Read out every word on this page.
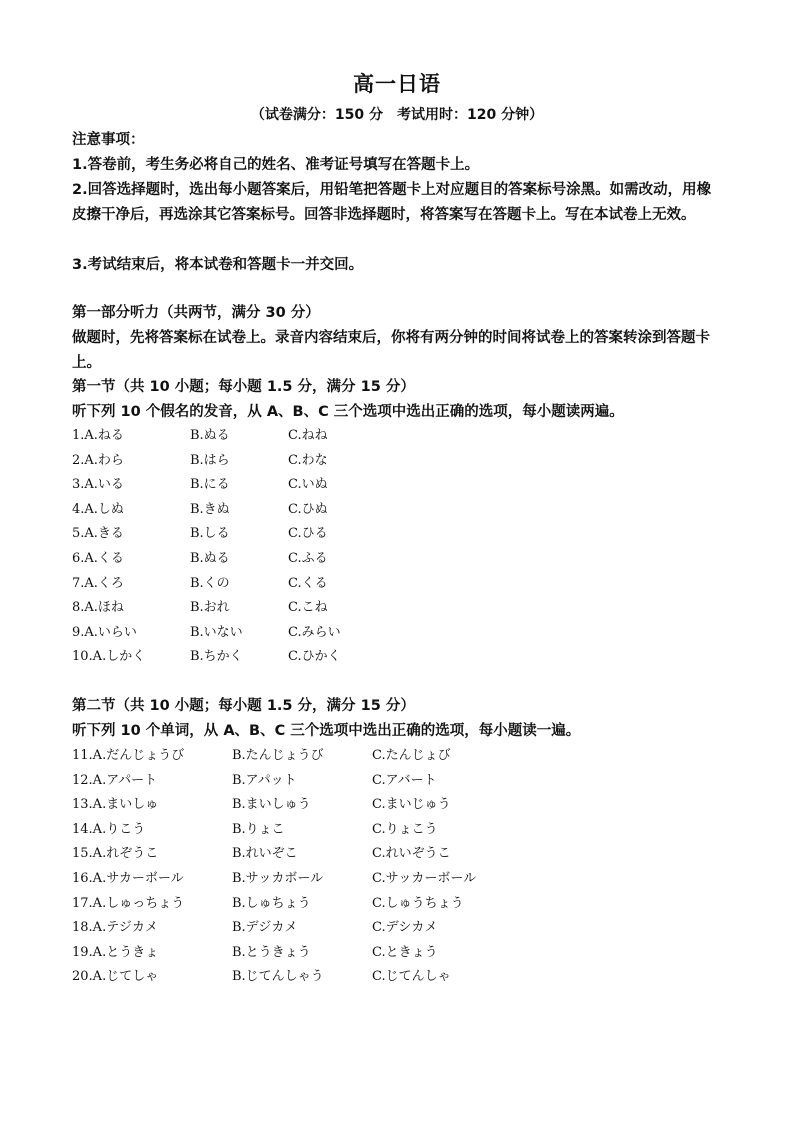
高一日语
（试卷满分：150 分　考试用时：120 分钟）
注意事项：
1.答卷前，考生务必将自己的姓名、准考证号填写在答题卡上。
2.回答选择题时，选出每小题答案后，用铅笔把答题卡上对应题目的答案标号涂黑。如需改动，用橡皮擦干净后，再选涂其它答案标号。回答非选择题时，将答案写在答题卡上。写在本试卷上无效。
3.考试结束后，将本试卷和答题卡一并交回。
第一部分听力（共两节，满分 30 分）
做题时，先将答案标在试卷上。录音内容结束后，你将有两分钟的时间将试卷上的答案转涂到答题卡上。
第一节（共 10 小题；每小题 1.5 分，满分 15 分）
听下列 10 个假名的发音，从 A、B、C 三个选项中选出正确的选项，每小题读两遍。
1.A.ねる	B.ぬる	C.ねね
2.A.わら	B.はら	C.わな
3.A.いる	B.にる	C.いぬ
4.A.しぬ	B.きぬ	C.ひぬ
5.A.きる	B.しる	C.ひる
6.A.くる	B.ぬる	C.ふる
7.A.くろ	B.くの	C.くる
8.A.ほね	B.おれ	C.こね
9.A.いらい	B.いない	C.みらい
10.A.しかく	B.ちかく	C.ひかく
第二节（共 10 小题；每小题 1.5 分，满分 15 分）
听下列 10 个单词，从 A、B、C 三个选项中选出正确的选项，每小题读一遍。
11.A.だんじょうび	B.たんじょうび	C.たんじょび
12.A.アパート	B.アパット	C.アバート
13.A.まいしゅ	B.まいしゅう	C.まいじゅう
14.A.りこう	B.りょこ	C.りょこう
15.A.れぞうこ	B.れいぞこ	C.れいぞうこ
16.A.サカーボール	B.サッカボール	C.サッカーボール
17.A.しゅっちょう	B.しゅちょう	C.しゅうちょう
18.A.テジカメ	B.デジカメ	C.デシカメ
19.A.とうきょ	B.とうきょう	C.ときょう
20.A.じてしゃ	B.じてんしゃう	C.じてんしゃ
